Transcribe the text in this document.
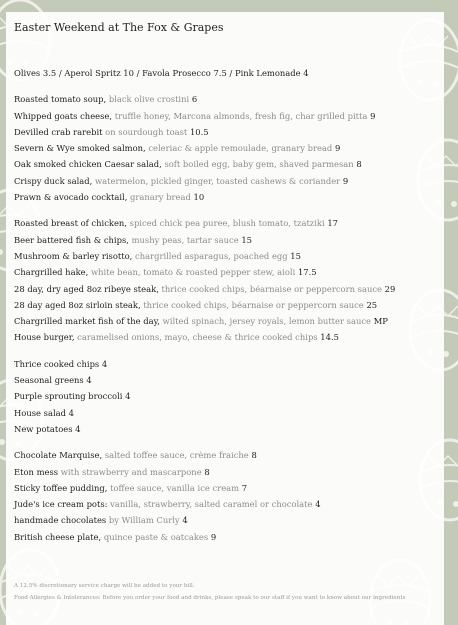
Easter Weekend at The Fox & Grapes
Olives 3.5 / Aperol Spritz 10 / Favola Prosecco 7.5 / Pink Lemonade 4
Roasted tomato soup, black olive crostini 6
Whipped goats cheese, truffle honey, Marcona almonds, fresh fig, char grilled pitta 9
Devilled crab rarebit on sourdough toast 10.5
Severn & Wye smoked salmon, celeriac & apple remoulade, granary bread 9
Oak smoked chicken Caesar salad, soft boiled egg, baby gem, shaved parmesan 8
Crispy duck salad, watermelon, pickled ginger, toasted cashews & coriander 9
Prawn & avocado cocktail, granary bread 10
Roasted breast of chicken, spiced chick pea puree, blush tomato, tzatziki 17
Beer battered fish & chips, mushy peas, tartar sauce 15
Mushroom & barley risotto, chargrilled asparagus, poached egg 15
Chargrilled hake, white bean, tomato & roasted pepper stew, aioli 17.5
28 day, dry aged 8oz ribeye steak, thrice cooked chips, béarnaise or peppercorn sauce 29
28 day aged 8oz sirloin steak, thrice cooked chips, béarnaise or peppercorn sauce 25
Chargrilled market fish of the day, wilted spinach, jersey royals, lemon butter sauce MP
House burger, caramelised onions, mayo, cheese & thrice cooked chips 14.5
Thrice cooked chips 4
Seasonal greens 4
Purple sprouting broccoli 4
House salad 4
New potatoes 4
Chocolate Marquise, salted toffee sauce, crème fraiche 8
Eton mess with strawberry and mascarpone 8
Sticky toffee pudding, toffee sauce, vanilla ice cream 7
Jude's ice cream pots: vanilla, strawberry, salted caramel or chocolate 4
handmade chocolates by William Curly 4
British cheese plate, quince paste & oatcakes 9

A 12.5% discretionary service charge will be added to your bill.

Food Allergies & Intolerances: Before you order your food and drinks, please speak to our staff if you want to know about our ingredients
